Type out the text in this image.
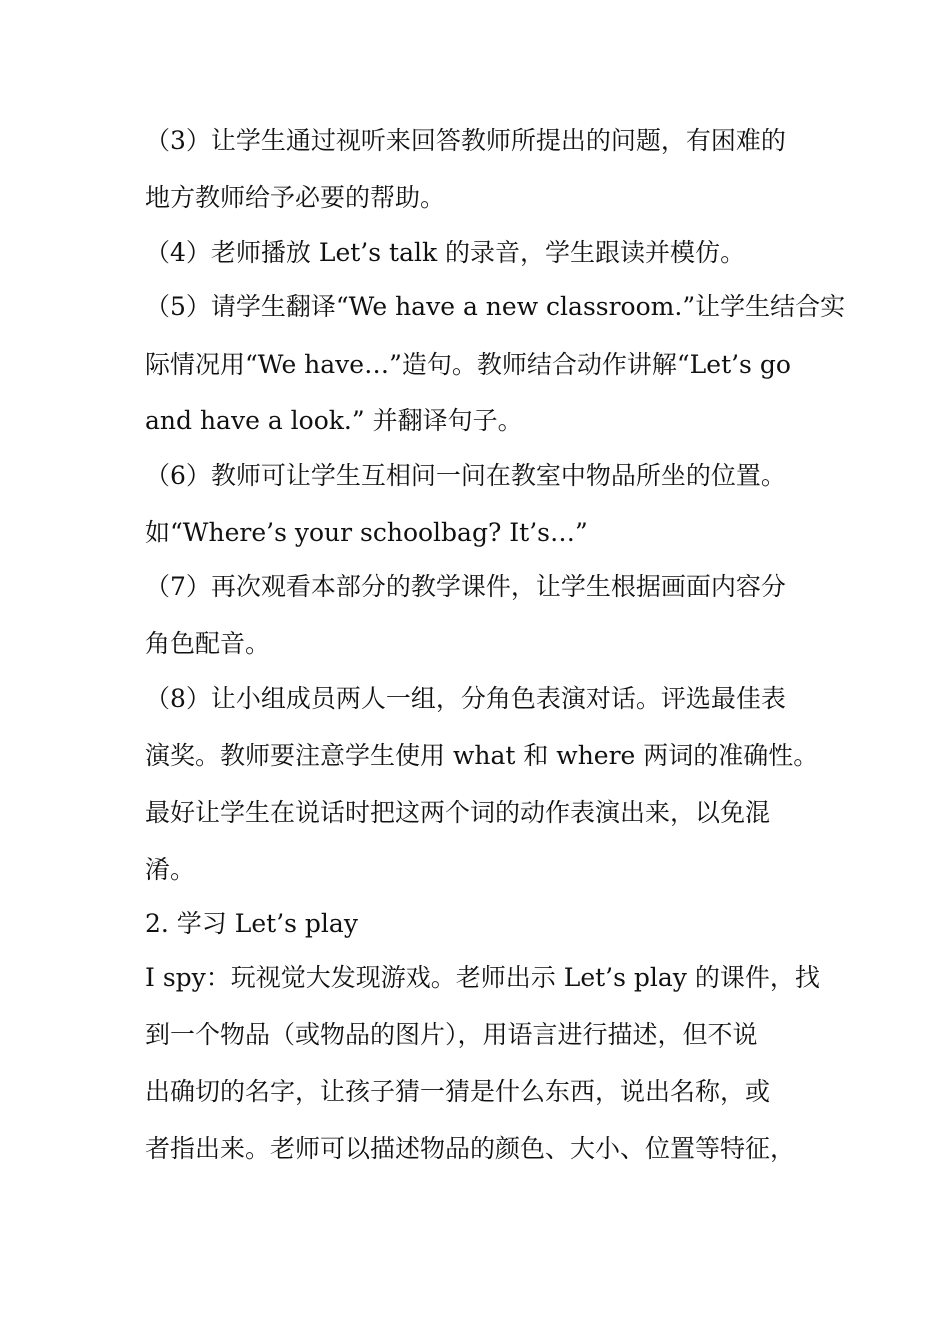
（3）让学生通过视听来回答教师所提出的问题，有困难的
地方教师给予必要的帮助。
（4）老师播放 Let’s talk 的录音，学生跟读并模仿。
（5）请学生翻译“We have a new classroom.”让学生结合实
际情况用“We have…”造句。教师结合动作讲解“Let’s go
and have a look.” 并翻译句子。
（6）教师可让学生互相问一问在教室中物品所坐的位置。
如“Where’s your schoolbag? It’s…”
（7）再次观看本部分的教学课件，让学生根据画面内容分
角色配音。
（8）让小组成员两人一组，分角色表演对话。评选最佳表
演奖。教师要注意学生使用 what 和 where 两词的准确性。
最好让学生在说话时把这两个词的动作表演出来，以免混
淆。
2. 学习 Let’s play
I spy：玩视觉大发现游戏。老师出示 Let’s play 的课件，找
到一个物品（或物品的图片），用语言进行描述，但不说
出确切的名字，让孩子猜一猜是什么东西，说出名称，或
者指出来。老师可以描述物品的颜色、大小、位置等特征，
